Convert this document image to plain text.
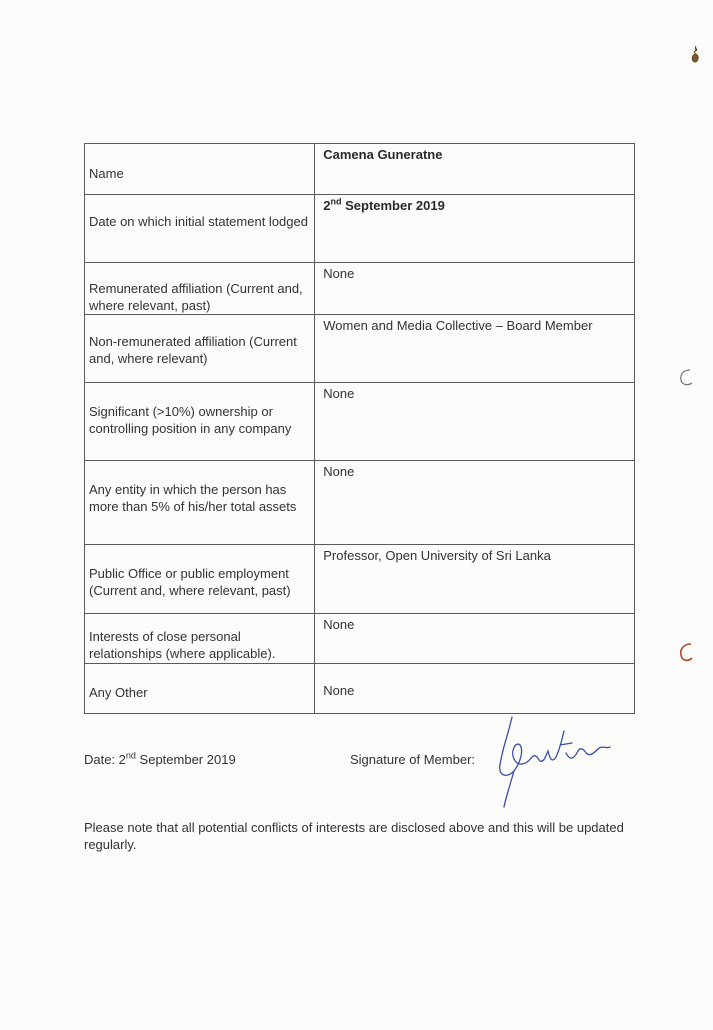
Name	Camena Guneratne

Date on which initial statement lodged	2nd September 2019

Remunerated affiliation (Current and, where relevant, past)	None

Non-remunerated affiliation (Current and, where relevant)	Women and Media Collective – Board Member

Significant (>10%) ownership or controlling position in any company	None

Any entity in which the person has more than 5% of his/her total assets	None

Public Office or public employment (Current and, where relevant, past)	Professor, Open University of Sri Lanka

Interests of close personal relationships (where applicable).	None

Any Other	None
Date: 2nd September 2019	Signature of Member:
Please note that all potential conflicts of interests are disclosed above and this will be updated regularly.
